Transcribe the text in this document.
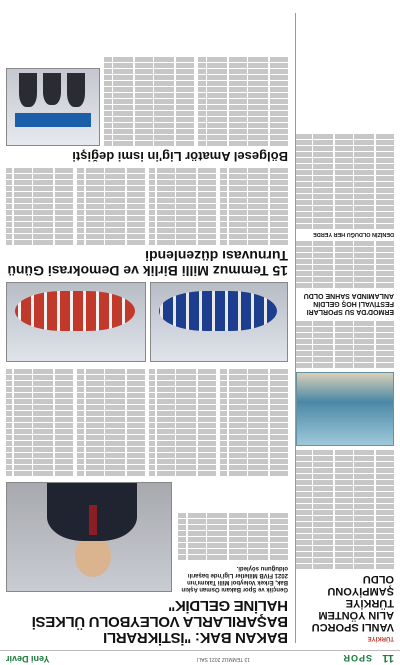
11
SPOR
13 TEMMUZ 2021 SALI
Yeni Devir
TÜRKİYE
VANLI SPORCU ALIN YÖNTEM TÜRKİYE ŞAMPİYONU OLDU
ERMOD'DA SU SPORLARI FESTİVALİ HOŞ GELDİN ANLAMINDA SAHNE OLDU
DENİZİN OLDUĞU HER YERDE
BAKAN BAK: "İSTİKRARLI BAŞARILARLA VOLEYBOLU ÜLKESİ HALİNE GELDİK"
Gençlik ve Spor Bakanı Osman Aşkın Bak, Erkek Voleybol Milli Takımı'nın 2021 FIVB Milletler Ligi'nde başarılı olduğunu söyledi.
15 Temmuz Milli Birlik ve Demokrasi Günü Turnuvası düzenlendi
Bölgesel Amatör Lig'in ismi değişti
